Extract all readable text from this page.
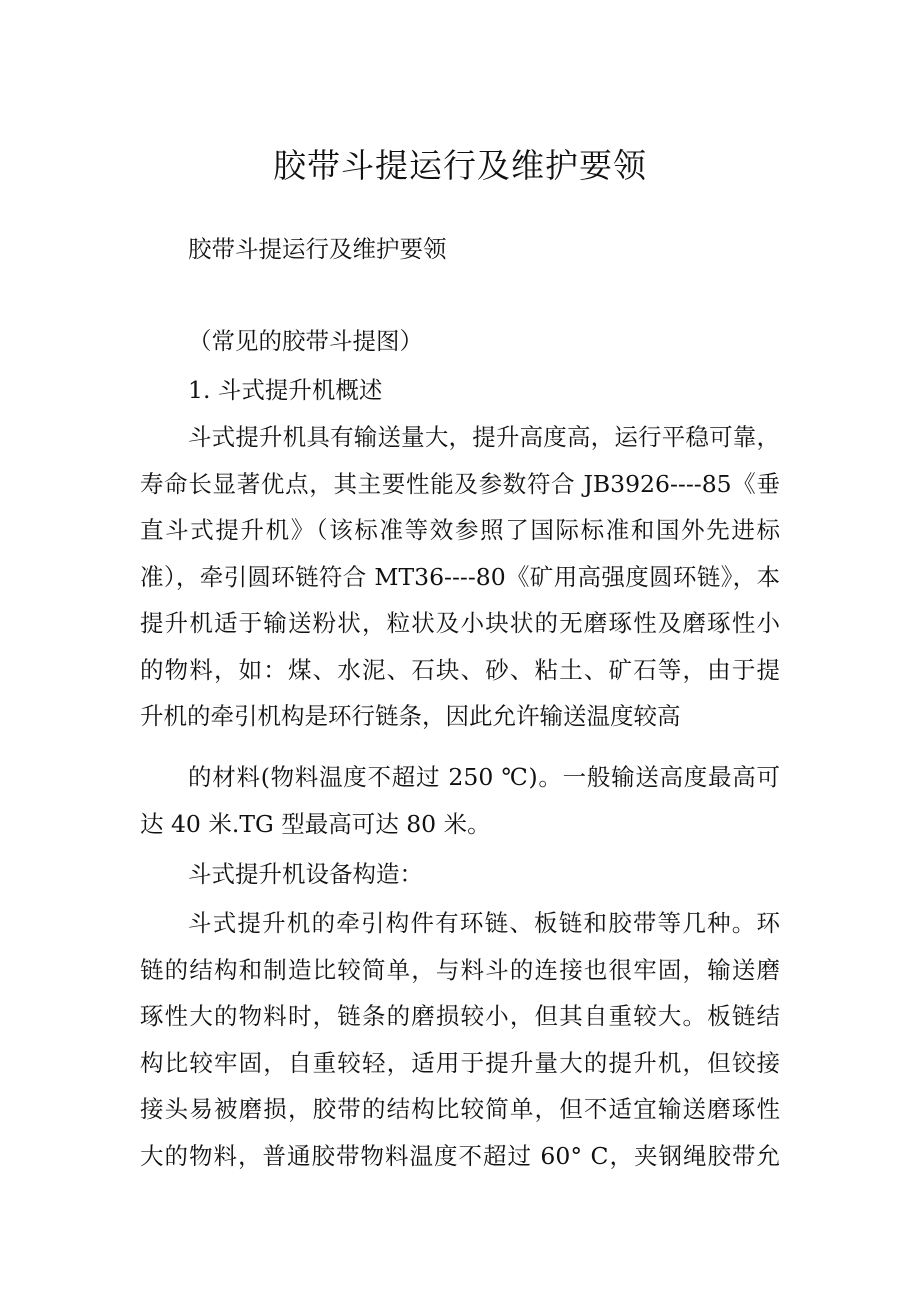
胶带斗提运行及维护要领

胶带斗提运行及维护要领

（常见的胶带斗提图）

1. 斗式提升机概述

斗式提升机具有输送量大，提升高度高，运行平稳可靠，
寿命长显著优点，其主要性能及参数符合 JB3926----85《垂
直斗式提升机》（该标准等效参照了国际标准和国外先进标
准），牵引圆环链符合 MT36----80《矿用高强度圆环链》，本
提升机适于输送粉状，粒状及小块状的无磨琢性及磨琢性小
的物料，如：煤、水泥、石块、砂、粘土、矿石等，由于提
升机的牵引机构是环行链条，因此允许输送温度较高

的材料(物料温度不超过 250 ℃)。一般输送高度最高可
达 40 米.TG 型最高可达 80 米。

斗式提升机设备构造：

斗式提升机的牵引构件有环链、板链和胶带等几种。环
链的结构和制造比较简单，与料斗的连接也很牢固，输送磨
琢性大的物料时，链条的磨损较小，但其自重较大。板链结
构比较牢固，自重较轻，适用于提升量大的提升机，但铰接
接头易被磨损，胶带的结构比较简单，但不适宜输送磨琢性
大的物料，普通胶带物料温度不超过 60° C，夹钢绳胶带允
